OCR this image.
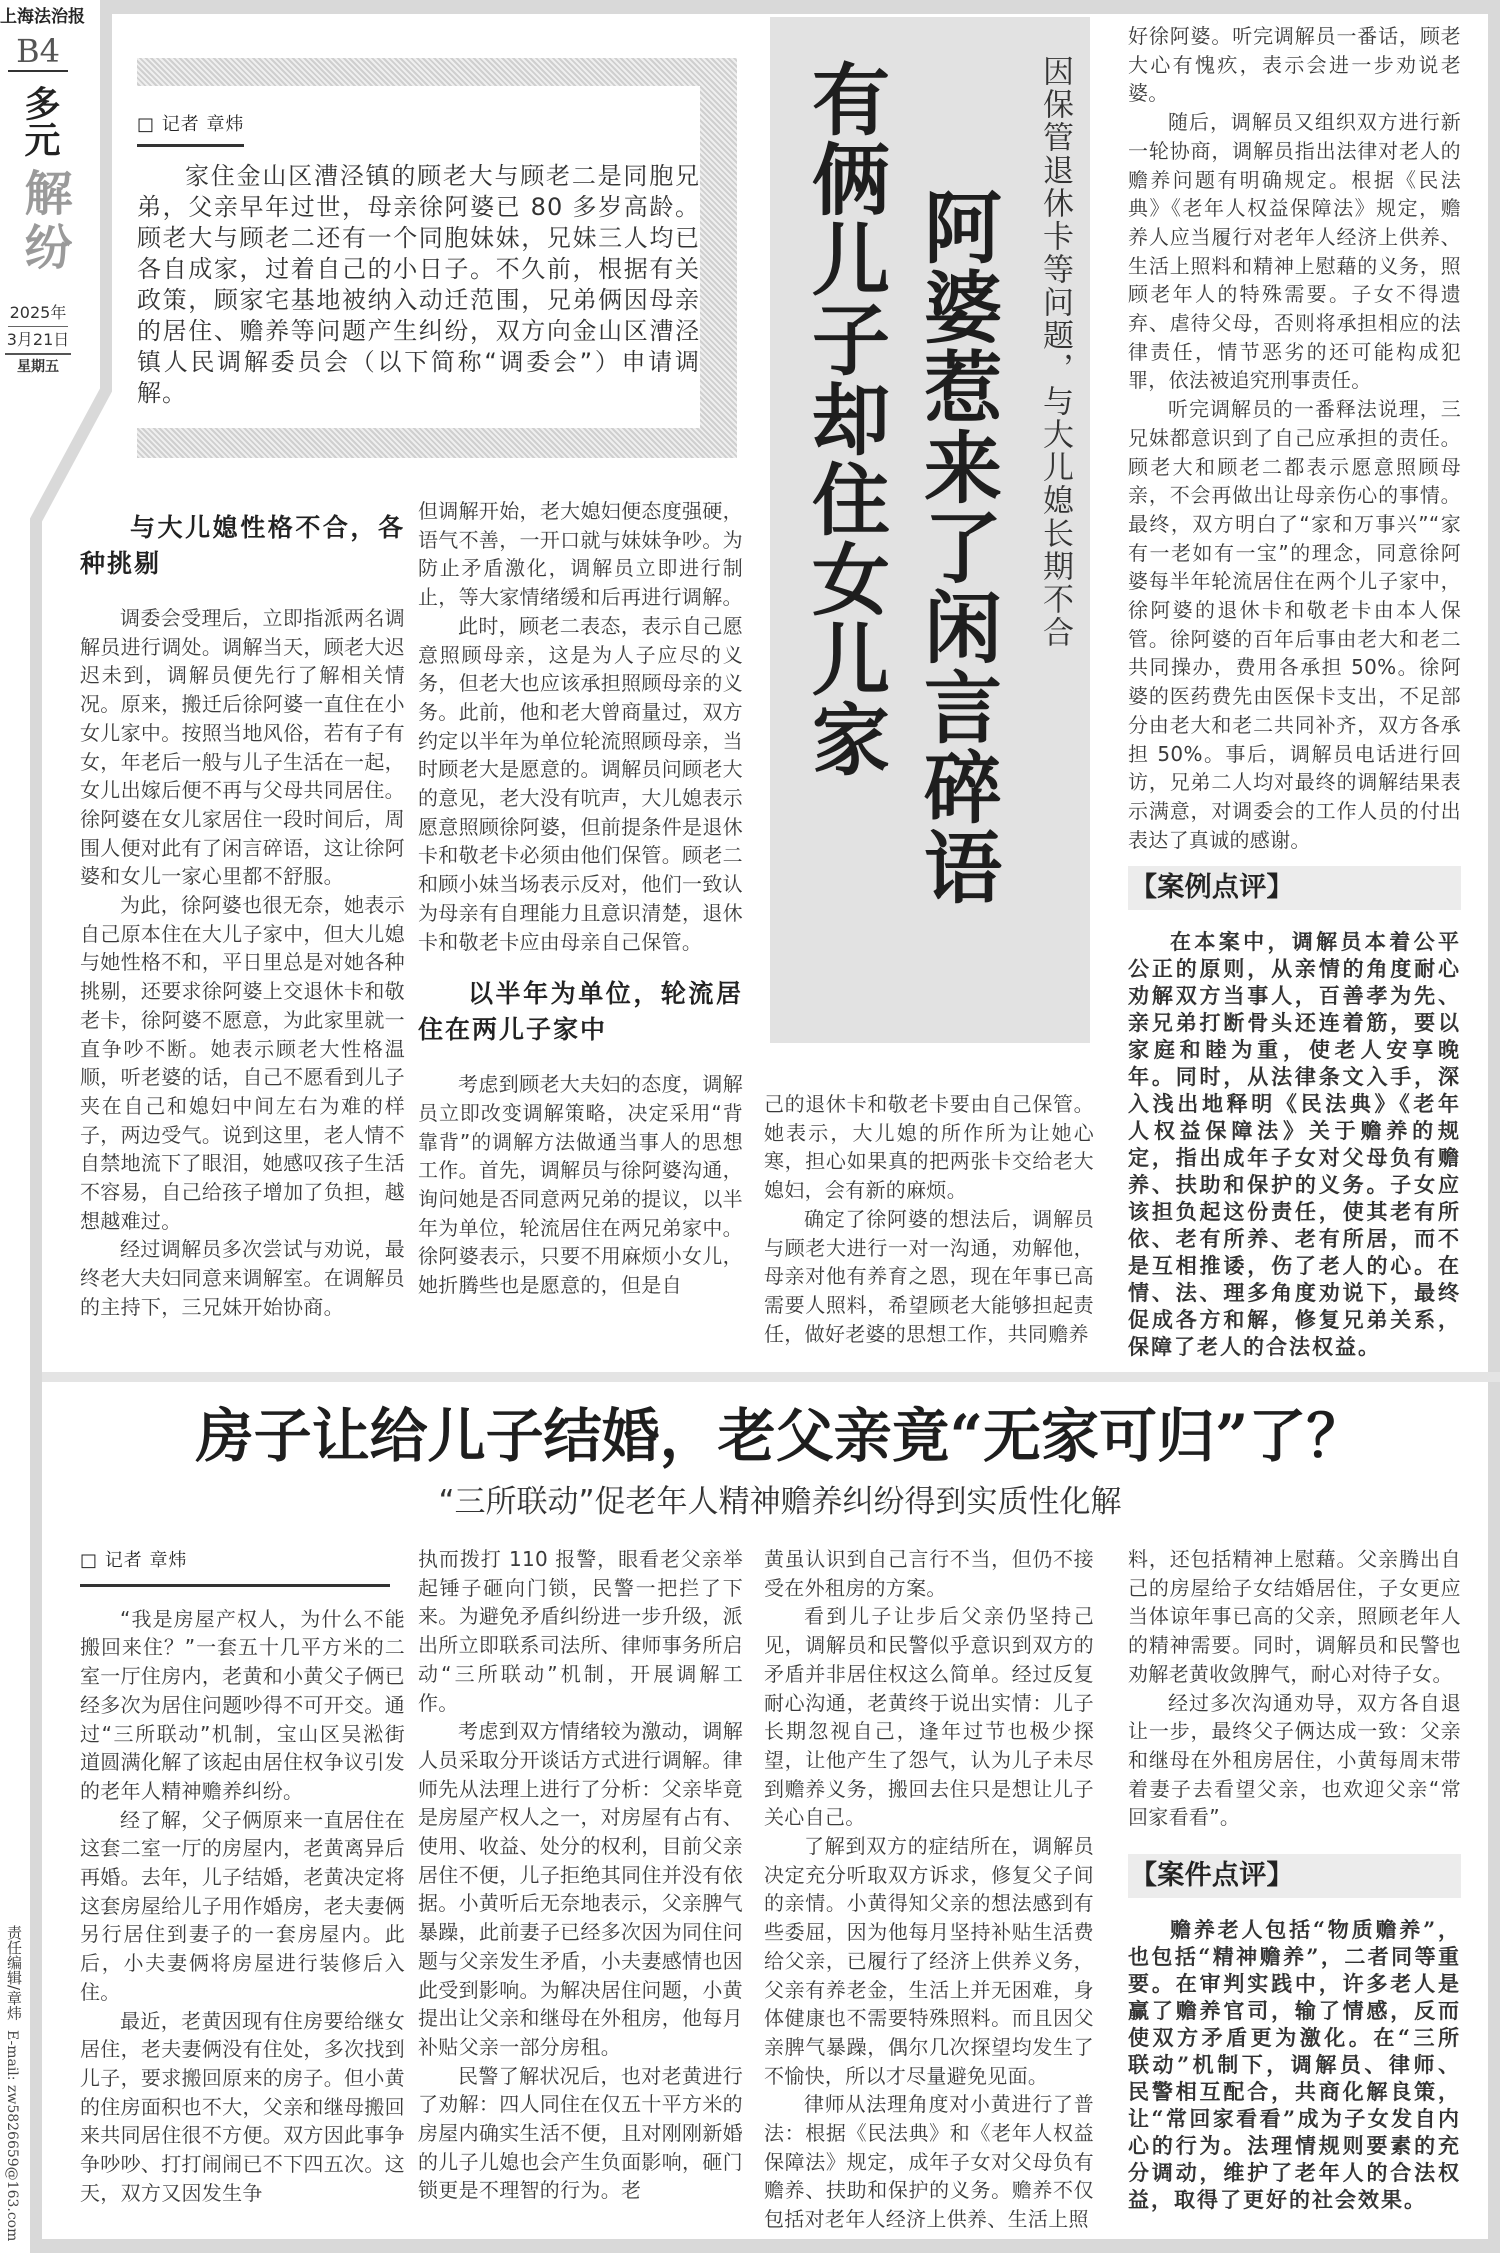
上海法治报
B4
多元
解纷
2025年
3月21日
星期五
责任编辑/章炜
E-mail: zw5826659@163.com
□ 记者 章炜

家住金山区漕泾镇的顾老大与顾老二是同胞兄弟，父亲早年过世，母亲徐阿婆已 80 多岁高龄。顾老大与顾老二还有一个同胞妹妹，兄妹三人均已各自成家，过着自己的小日子。不久前，根据有关政策，顾家宅基地被纳入动迁范围，兄弟俩因母亲的居住、赡养等问题产生纠纷，双方向金山区漕泾镇人民调解委员会（以下简称“调委会”）申请调解。	因保管退休卡等问题，与大儿媳长期不合
阿婆惹来了闲言碎语
有俩儿子却住女儿家
与大儿媳性格不合，各种挑剔

调委会受理后，立即指派两名调解员进行调处。调解当天，顾老大迟迟未到，调解员便先行了解相关情况。原来，搬迁后徐阿婆一直住在小女儿家中。按照当地风俗，若有子有女，年老后一般与儿子生活在一起，女儿出嫁后便不再与父母共同居住。徐阿婆在女儿家居住一段时间后，周围人便对此有了闲言碎语，这让徐阿婆和女儿一家心里都不舒服。

为此，徐阿婆也很无奈，她表示自己原本住在大儿子家中，但大儿媳与她性格不和，平日里总是对她各种挑剔，还要求徐阿婆上交退休卡和敬老卡，徐阿婆不愿意，为此家里就一直争吵不断。她表示顾老大性格温顺，听老婆的话，自己不愿看到儿子夹在自己和媳妇中间左右为难的样子，两边受气。说到这里，老人情不自禁地流下了眼泪，她感叹孩子生活不容易，自己给孩子增加了负担，越想越难过。

经过调解员多次尝试与劝说，最终老大夫妇同意来调解室。在调解员的主持下，三兄妹开始协商。

但调解开始，老大媳妇便态度强硬，语气不善，一开口就与妹妹争吵。为防止矛盾激化，调解员立即进行制止，等大家情绪缓和后再进行调解。

此时，顾老二表态，表示自己愿意照顾母亲，这是为人子应尽的义务，但老大也应该承担照顾母亲的义务。此前，他和老大曾商量过，双方约定以半年为单位轮流照顾母亲，当时顾老大是愿意的。调解员问顾老大的意见，老大没有吭声，大儿媳表示愿意照顾徐阿婆，但前提条件是退休卡和敬老卡必须由他们保管。顾老二和顾小妹当场表示反对，他们一致认为母亲有自理能力且意识清楚，退休卡和敬老卡应由母亲自己保管。

以半年为单位，轮流居住在两儿子家中

考虑到顾老大夫妇的态度，调解员立即改变调解策略，决定采用“背靠背”的调解方法做通当事人的思想工作。首先，调解员与徐阿婆沟通，询问她是否同意两兄弟的提议，以半年为单位，轮流居住在两兄弟家中。徐阿婆表示，只要不用麻烦小女儿，她折腾些也是愿意的，但是自

己的退休卡和敬老卡要由自己保管。她表示，大儿媳的所作所为让她心寒，担心如果真的把两张卡交给老大媳妇，会有新的麻烦。

确定了徐阿婆的想法后，调解员与顾老大进行一对一沟通，劝解他，母亲对他有养育之恩，现在年事已高需要人照料，希望顾老大能够担起责任，做好老婆的思想工作，共同赡养

好徐阿婆。听完调解员一番话，顾老大心有愧疚，表示会进一步劝说老婆。

随后，调解员又组织双方进行新一轮协商，调解员指出法律对老人的赡养问题有明确规定。根据《民法典》《老年人权益保障法》规定，赡养人应当履行对老年人经济上供养、生活上照料和精神上慰藉的义务，照顾老年人的特殊需要。子女不得遗弃、虐待父母，否则将承担相应的法律责任，情节恶劣的还可能构成犯罪，依法被追究刑事责任。

听完调解员的一番释法说理，三兄妹都意识到了自己应承担的责任。顾老大和顾老二都表示愿意照顾母亲，不会再做出让母亲伤心的事情。最终，双方明白了“家和万事兴”“家有一老如有一宝”的理念，同意徐阿婆每半年轮流居住在两个儿子家中，徐阿婆的退休卡和敬老卡由本人保管。徐阿婆的百年后事由老大和老二共同操办，费用各承担 50%。徐阿婆的医药费先由医保卡支出，不足部分由老大和老二共同补齐，双方各承担 50%。事后，调解员电话进行回访，兄弟二人均对最终的调解结果表示满意，对调委会的工作人员的付出表达了真诚的感谢。

【案例点评】

在本案中，调解员本着公平公正的原则，从亲情的角度耐心劝解双方当事人，百善孝为先、亲兄弟打断骨头还连着筋，要以家庭和睦为重，使老人安享晚年。同时，从法律条文入手，深入浅出地释明《民法典》《老年人权益保障法》关于赡养的规定，指出成年子女对父母负有赡养、扶助和保护的义务。子女应该担负起这份责任，使其老有所依、老有所养、老有所居，而不是互相推诿，伤了老人的心。在情、法、理多角度劝说下，最终促成各方和解，修复兄弟关系，保障了老人的合法权益。

房子让给儿子结婚，老父亲竟“无家可归”了？
“三所联动”促老年人精神赡养纠纷得到实质性化解
□ 记者 章炜

“我是房屋产权人，为什么不能搬回来住？”一套五十几平方米的二室一厅住房内，老黄和小黄父子俩已经多次为居住问题吵得不可开交。通过“三所联动”机制，宝山区吴淞街道圆满化解了该起由居住权争议引发的老年人精神赡养纠纷。

经了解，父子俩原来一直居住在这套二室一厅的房屋内，老黄离异后再婚。去年，儿子结婚，老黄决定将这套房屋给儿子用作婚房，老夫妻俩另行居住到妻子的一套房屋内。此后，小夫妻俩将房屋进行装修后入住。

最近，老黄因现有住房要给继女居住，老夫妻俩没有住处，多次找到儿子，要求搬回原来的房子。但小黄的住房面积也不大，父亲和继母搬回来共同居住很不方便。双方因此事争争吵吵、打打闹闹已不下四五次。这天，双方又因发生争

执而拨打 110 报警，眼看老父亲举起锤子砸向门锁，民警一把拦了下来。为避免矛盾纠纷进一步升级，派出所立即联系司法所、律师事务所启动“三所联动”机制，开展调解工作。

考虑到双方情绪较为激动，调解人员采取分开谈话方式进行调解。律师先从法理上进行了分析：父亲毕竟是房屋产权人之一，对房屋有占有、使用、收益、处分的权利，目前父亲居住不便，儿子拒绝其同住并没有依据。小黄听后无奈地表示，父亲脾气暴躁，此前妻子已经多次因为同住问题与父亲发生矛盾，小夫妻感情也因此受到影响。为解决居住问题，小黄提出让父亲和继母在外租房，他每月补贴父亲一部分房租。

民警了解状况后，也对老黄进行了劝解：四人同住在仅五十平方米的房屋内确实生活不便，且对刚刚新婚的儿子儿媳也会产生负面影响，砸门锁更是不理智的行为。老

黄虽认识到自己言行不当，但仍不接受在外租房的方案。

看到儿子让步后父亲仍坚持己见，调解员和民警似乎意识到双方的矛盾并非居住权这么简单。经过反复耐心沟通，老黄终于说出实情：儿子长期忽视自己，逢年过节也极少探望，让他产生了怨气，认为儿子未尽到赡养义务，搬回去住只是想让儿子关心自己。

了解到双方的症结所在，调解员决定充分听取双方诉求，修复父子间的亲情。小黄得知父亲的想法感到有些委屈，因为他每月坚持补贴生活费给父亲，已履行了经济上供养义务，父亲有养老金，生活上并无困难，身体健康也不需要特殊照料。而且因父亲脾气暴躁，偶尔几次探望均发生了不愉快，所以才尽量避免见面。

律师从法理角度对小黄进行了普法：根据《民法典》和《老年人权益保障法》规定，成年子女对父母负有赡养、扶助和保护的义务。赡养不仅包括对老年人经济上供养、生活上照

料，还包括精神上慰藉。父亲腾出自己的房屋给子女结婚居住，子女更应当体谅年事已高的父亲，照顾老年人的精神需要。同时，调解员和民警也劝解老黄收敛脾气，耐心对待子女。

经过多次沟通劝导，双方各自退让一步，最终父子俩达成一致：父亲和继母在外租房居住，小黄每周末带着妻子去看望父亲，也欢迎父亲“常回家看看”。

【案件点评】

赡养老人包括“物质赡养”，也包括“精神赡养”，二者同等重要。在审判实践中，许多老人是赢了赡养官司，输了情感，反而使双方矛盾更为激化。在“三所联动”机制下，调解员、律师、民警相互配合，共商化解良策，让“常回家看看”成为子女发自内心的行为。法理情规则要素的充分调动，维护了老年人的合法权益，取得了更好的社会效果。
